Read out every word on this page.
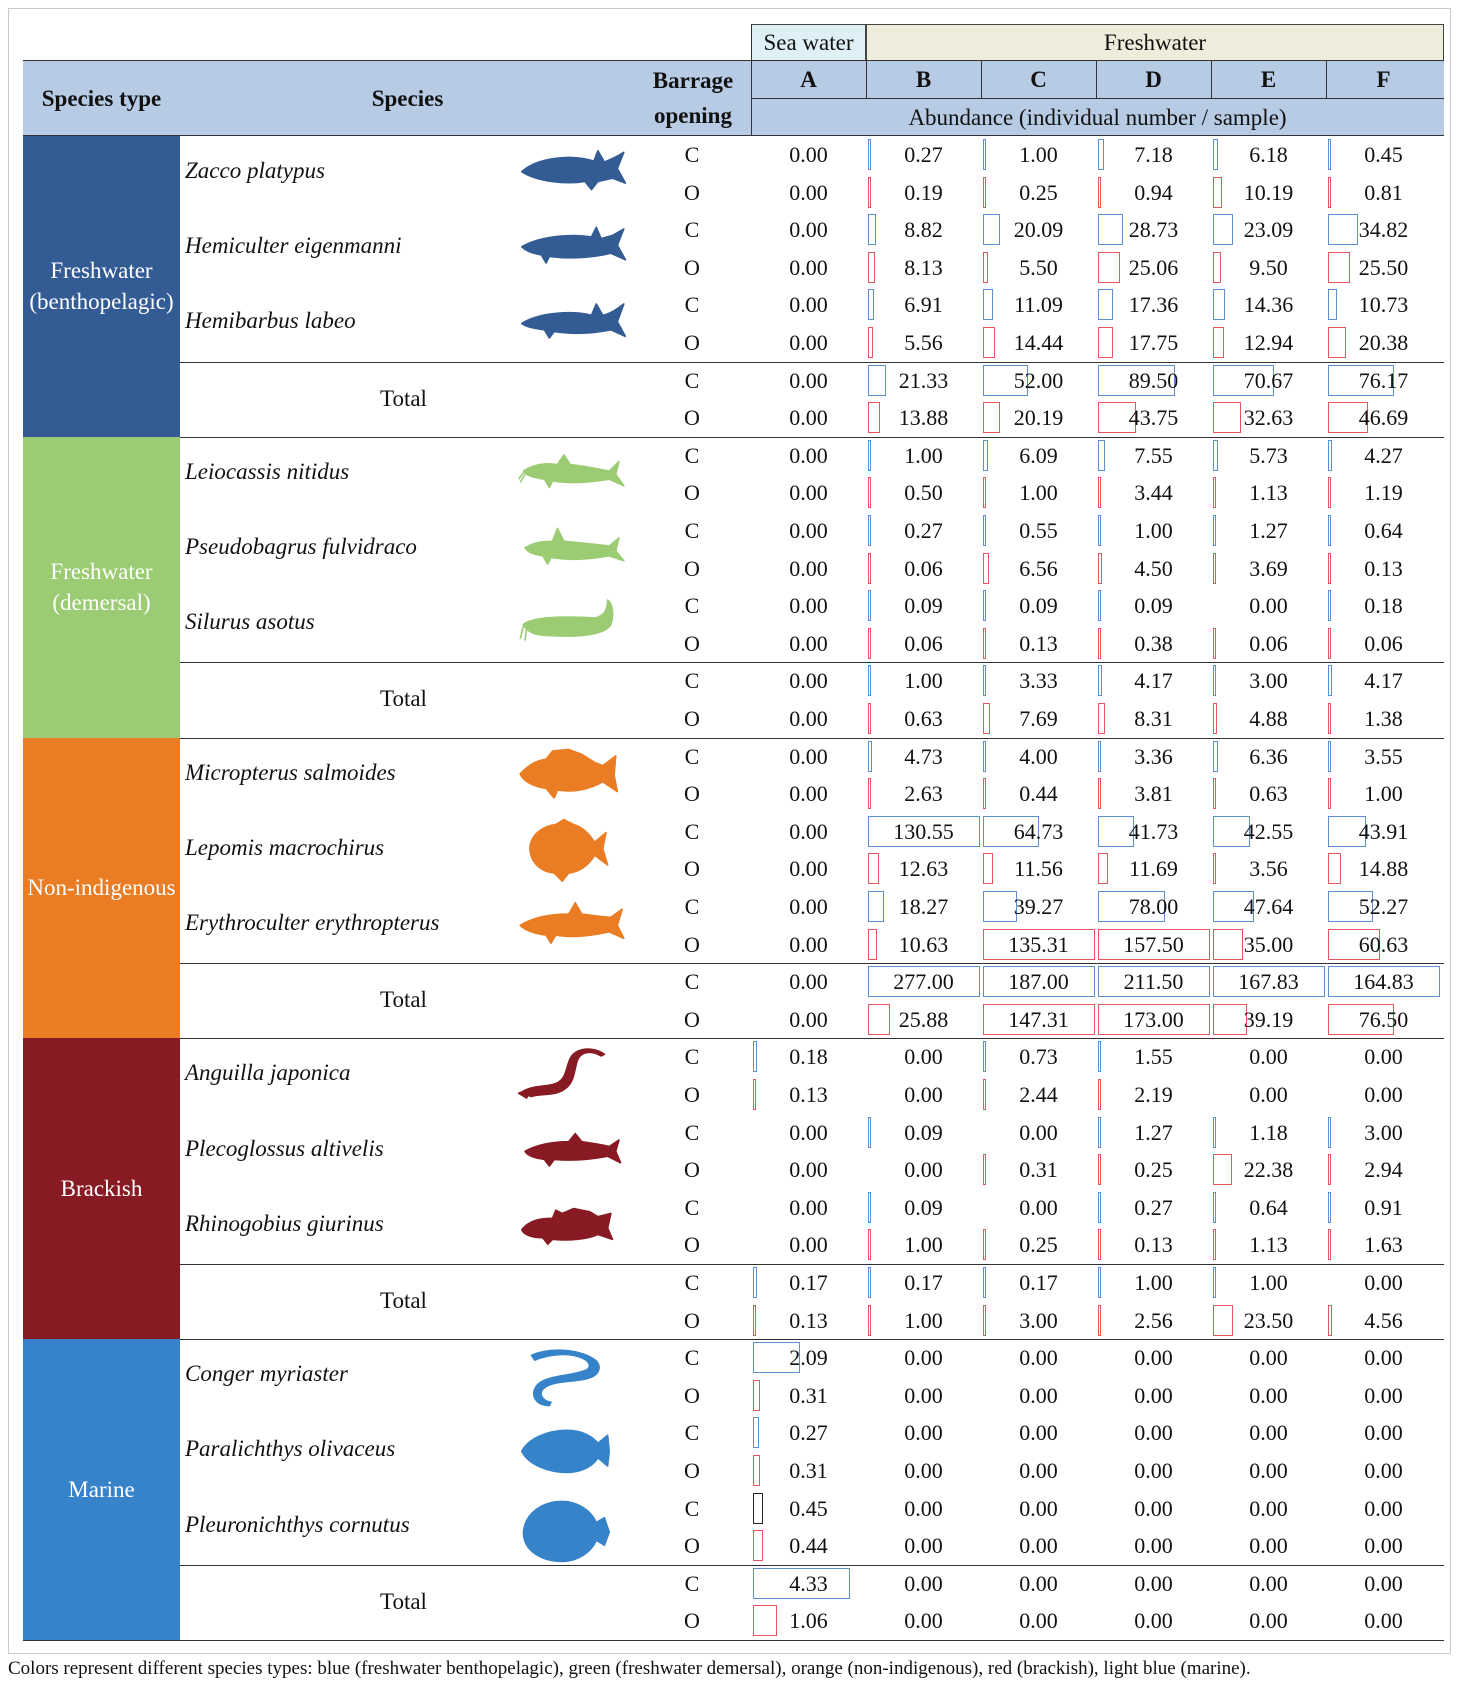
Sea water	Freshwater
Species type	Species
Barrage
opening
A	B	C	D	E	F
Abundance (individual number / sample)
Freshwater
(benthopelagic)
Zacco platypus
C	0.00	0.27	1.00	7.18	6.18	0.45
O	0.00	0.19	0.25	0.94	10.19	0.81
Hemiculter eigenmanni
C	0.00	8.82	20.09	28.73	23.09	34.82
O	0.00	8.13	5.50	25.06	9.50	25.50
Hemibarbus labeo
C	0.00	6.91	11.09	17.36	14.36	10.73
O	0.00	5.56	14.44	17.75	12.94	20.38
Total
C	0.00	21.33	52.00	89.50	70.67	76.17
O	0.00	13.88	20.19	43.75	32.63	46.69
Freshwater
(demersal)
Leiocassis nitidus
C	0.00	1.00	6.09	7.55	5.73	4.27
O	0.00	0.50	1.00	3.44	1.13	1.19
Pseudobagrus fulvidraco
C	0.00	0.27	0.55	1.00	1.27	0.64
O	0.00	0.06	6.56	4.50	3.69	0.13
Silurus asotus
C	0.00	0.09	0.09	0.09	0.00	0.18
O	0.00	0.06	0.13	0.38	0.06	0.06
Total
C	0.00	1.00	3.33	4.17	3.00	4.17
O	0.00	0.63	7.69	8.31	4.88	1.38
Non-indigenous
Micropterus salmoides
C	0.00	4.73	4.00	3.36	6.36	3.55
O	0.00	2.63	0.44	3.81	0.63	1.00
Lepomis macrochirus
C	0.00	130.55	64.73	41.73	42.55	43.91
O	0.00	12.63	11.56	11.69	3.56	14.88
Erythroculter erythropterus
C	0.00	18.27	39.27	78.00	47.64	52.27
O	0.00	10.63	135.31	157.50	35.00	60.63
Total
C	0.00	277.00	187.00	211.50	167.83	164.83
O	0.00	25.88	147.31	173.00	39.19	76.50
Brackish
Anguilla japonica
C	0.18	0.00	0.73	1.55	0.00	0.00
O	0.13	0.00	2.44	2.19	0.00	0.00
Plecoglossus altivelis
C	0.00	0.09	0.00	1.27	1.18	3.00
O	0.00	0.00	0.31	0.25	22.38	2.94
Rhinogobius giurinus
C	0.00	0.09	0.00	0.27	0.64	0.91
O	0.00	1.00	0.25	0.13	1.13	1.63
Total
C	0.17	0.17	0.17	1.00	1.00	0.00
O	0.13	1.00	3.00	2.56	23.50	4.56
Marine
Conger myriaster
C	2.09	0.00	0.00	0.00	0.00	0.00
O	0.31	0.00	0.00	0.00	0.00	0.00
Paralichthys olivaceus
C	0.27	0.00	0.00	0.00	0.00	0.00
O	0.31	0.00	0.00	0.00	0.00	0.00
Pleuronichthys cornutus
C	0.45	0.00	0.00	0.00	0.00	0.00
O	0.44	0.00	0.00	0.00	0.00	0.00
Total
C	4.33	0.00	0.00	0.00	0.00	0.00
O	1.06	0.00	0.00	0.00	0.00	0.00
Colors represent different species types: blue (freshwater benthopelagic), green (freshwater demersal), orange (non-indigenous), red (brackish), light blue (marine).
